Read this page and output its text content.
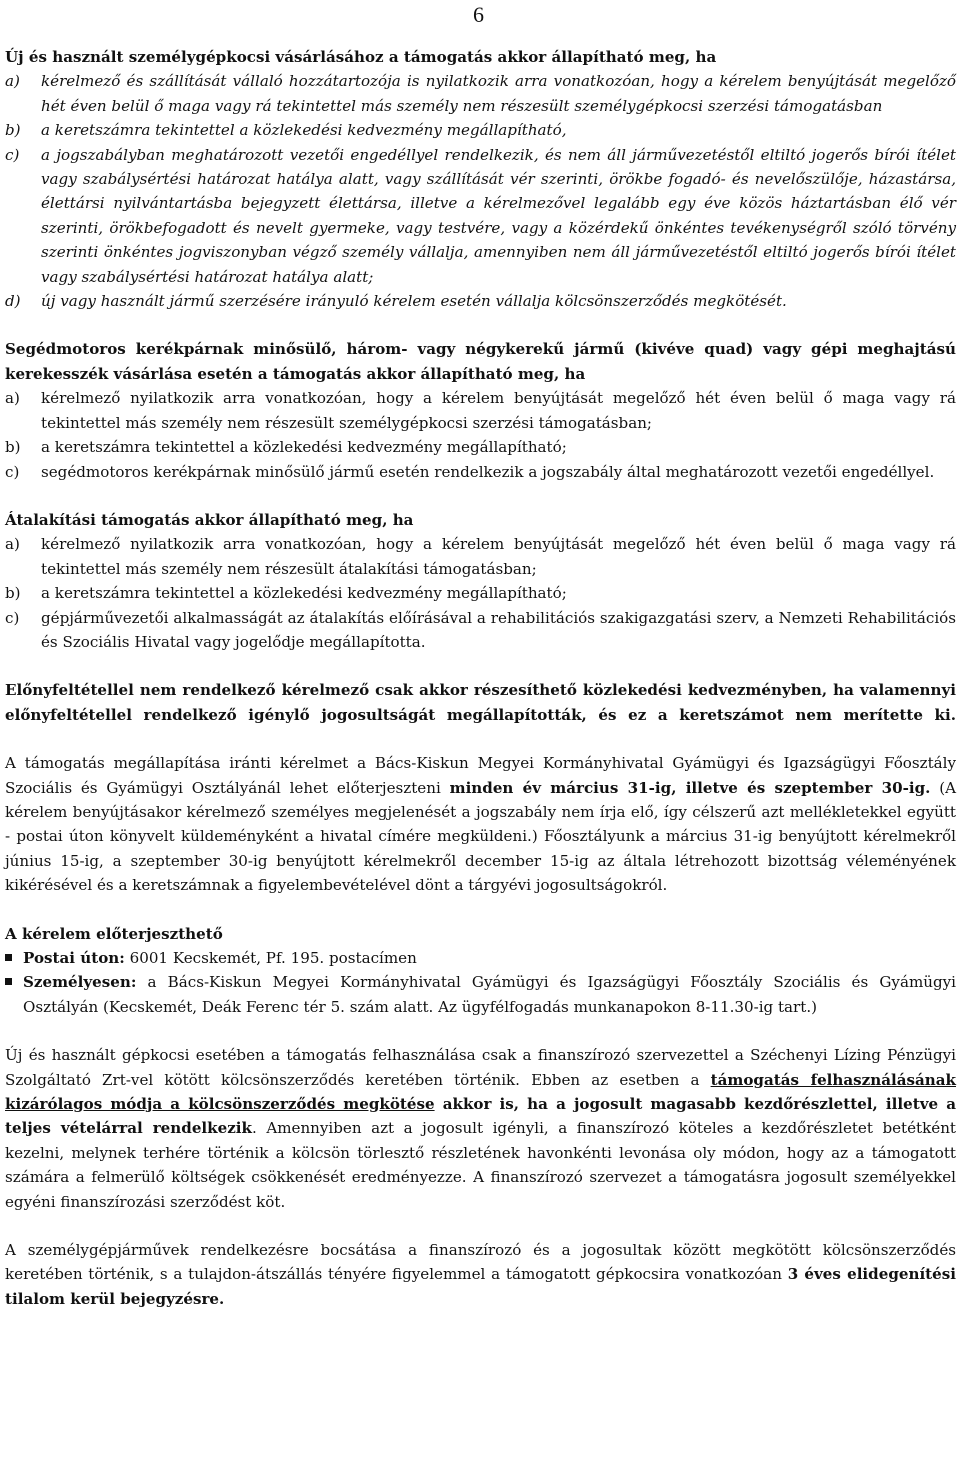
6

Új és használt személygépkocsi vásárlásához a támogatás akkor állapítható meg, ha

a)	kérelmező és szállítását vállaló hozzátartozója is nyilatkozik arra vonatkozóan, hogy a kérelem benyújtását megelőző hét éven belül ő maga vagy rá tekintettel más személy nem részesült személygépkocsi szerzési támogatásban
b)	a keretszámra tekintettel a közlekedési kedvezmény megállapítható,
c)	a jogszabályban meghatározott vezetői engedéllyel rendelkezik, és nem áll járművezetéstől eltiltó jogerős bírói ítélet vagy szabálysértési határozat hatálya alatt, vagy szállítását vér szerinti, örökbe fogadó- és nevelőszülője, házastársa, élettársi nyilvántartásba bejegyzett élettársa, illetve a kérelmezővel legalább egy éve közös háztartásban élő vér szerinti, örökbefogadott és nevelt gyermeke, vagy testvére, vagy a közérdekű önkéntes tevékenységről szóló törvény szerinti önkéntes jogviszonyban végző személy vállalja, amennyiben nem áll járművezetéstől eltiltó jogerős bírói ítélet vagy szabálysértési határozat hatálya alatt;
d)	új vagy használt jármű szerzésére irányuló kérelem esetén vállalja kölcsönszerződés megkötését.

Segédmotoros kerékpárnak minősülő, három- vagy négykerekű jármű (kivéve quad) vagy gépi meghajtású kerekesszék vásárlása esetén a támogatás akkor állapítható meg, ha

a)	kérelmező nyilatkozik arra vonatkozóan, hogy a kérelem benyújtását megelőző hét éven belül ő maga vagy rá tekintettel más személy nem részesült személygépkocsi szerzési támogatásban;
b)	a keretszámra tekintettel a közlekedési kedvezmény megállapítható;
c)	segédmotoros kerékpárnak minősülő jármű esetén rendelkezik a jogszabály által meghatározott vezetői engedéllyel.

Átalakítási támogatás akkor állapítható meg, ha

a)	kérelmező nyilatkozik arra vonatkozóan, hogy a kérelem benyújtását megelőző hét éven belül ő maga vagy rá tekintettel más személy nem részesült átalakítási támogatásban;
b)	a keretszámra tekintettel a közlekedési kedvezmény megállapítható;
c)	gépjárművezetői alkalmasságát az átalakítás előírásával a rehabilitációs szakigazgatási szerv, a Nemzeti Rehabilitációs és Szociális Hivatal vagy jogelődje megállapította.

Előnyfeltétellel nem rendelkező kérelmező csak akkor részesíthető közlekedési kedvezményben, ha valamennyi előnyfeltétellel rendelkező igénylő jogosultságát megállapították, és ez a keretszámot nem merítette ki.

A támogatás megállapítása iránti kérelmet a Bács-Kiskun Megyei Kormányhivatal Gyámügyi és Igazságügyi Főosztály Szociális és Gyámügyi Osztályánál lehet előterjeszteni minden év március 31-ig, illetve és szeptember 30-ig. (A kérelem benyújtásakor kérelmező személyes megjelenését a jogszabály nem írja elő, így célszerű azt mellékletekkel együtt - postai úton könyvelt küldeményként a hivatal címére megküldeni.) Főosztályunk a március 31-ig benyújtott kérelmekről június 15-ig, a szeptember 30-ig benyújtott kérelmekről december 15-ig az általa létrehozott bizottság véleményének kikérésével és a keretszámnak a figyelembevételével dönt a tárgyévi jogosultságokról.

A kérelem előterjeszthető

Postai úton: 6001 Kecskemét, Pf. 195. postacímen
Személyesen: a Bács-Kiskun Megyei Kormányhivatal Gyámügyi és Igazságügyi Főosztály Szociális és Gyámügyi Osztályán (Kecskemét, Deák Ferenc tér 5. szám alatt. Az ügyfélfogadás munkanapokon 8-11.30-ig tart.)

Új és használt gépkocsi esetében a támogatás felhasználása csak a finanszírozó szervezettel a Széchenyi Lízing Pénzügyi Szolgáltató Zrt-vel kötött kölcsönszerződés keretében történik. Ebben az esetben a támogatás felhasználásának kizárólagos módja a kölcsönszerződés megkötése akkor is, ha a jogosult magasabb kezdőrészlettel, illetve a teljes vételárral rendelkezik. Amennyiben azt a jogosult igényli, a finanszírozó köteles a kezdőrészletet betétként kezelni, melynek terhére történik a kölcsön törlesztő részletének havonkénti levonása oly módon, hogy az a támogatott számára a felmerülő költségek csökkenését eredményezze. A finanszírozó szervezet a támogatásra jogosult személyekkel egyéni finanszírozási szerződést köt.

A személygépjárművek rendelkezésre bocsátása a finanszírozó és a jogosultak között megkötött kölcsönszerződés keretében történik, s a tulajdon-átszállás tényére figyelemmel a támogatott gépkocsira vonatkozóan 3 éves elidegenítési tilalom kerül bejegyzésre.
